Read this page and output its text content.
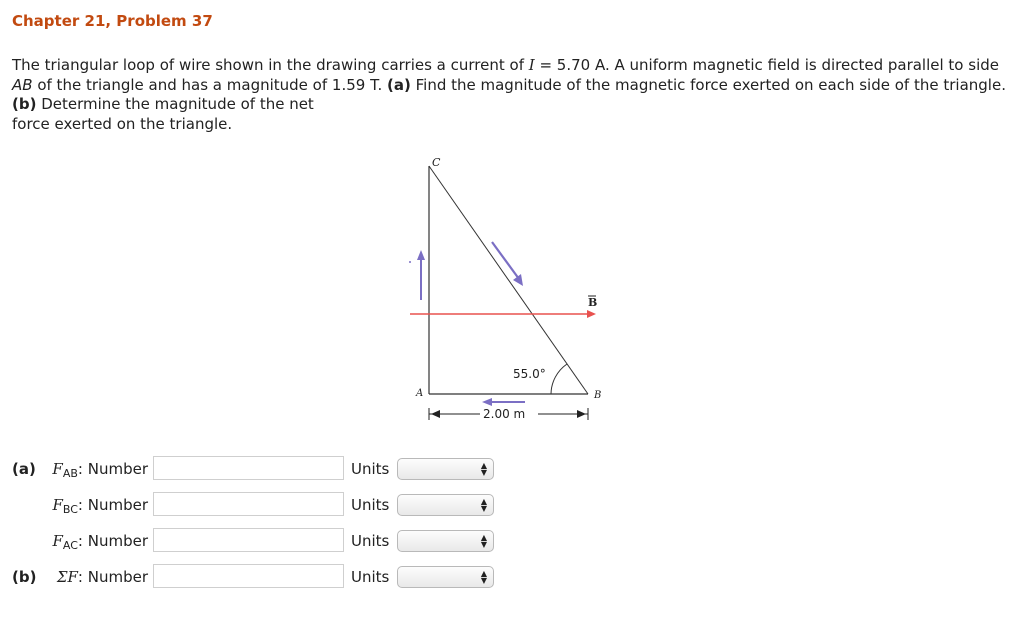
Chapter 21, Problem 37
The triangular loop of wire shown in the drawing carries a current of I = 5.70 A. A uniform magnetic field is directed parallel to side AB of the triangle and has a magnitude of 1.59 T. (a) Find the magnitude of the magnetic force exerted on each side of the triangle. (b) Determine the magnitude of the net
force exerted on the triangle.
C
A	B
B
55.0°
2.00 m
(a) $F_{AB}$: Number	Units	▲
▼
$F_{BC}$: Number	Units	▲
▼
$F_{AC}$: Number	Units	▲
▼
(b) ΣF: Number	Units	▲
▼
